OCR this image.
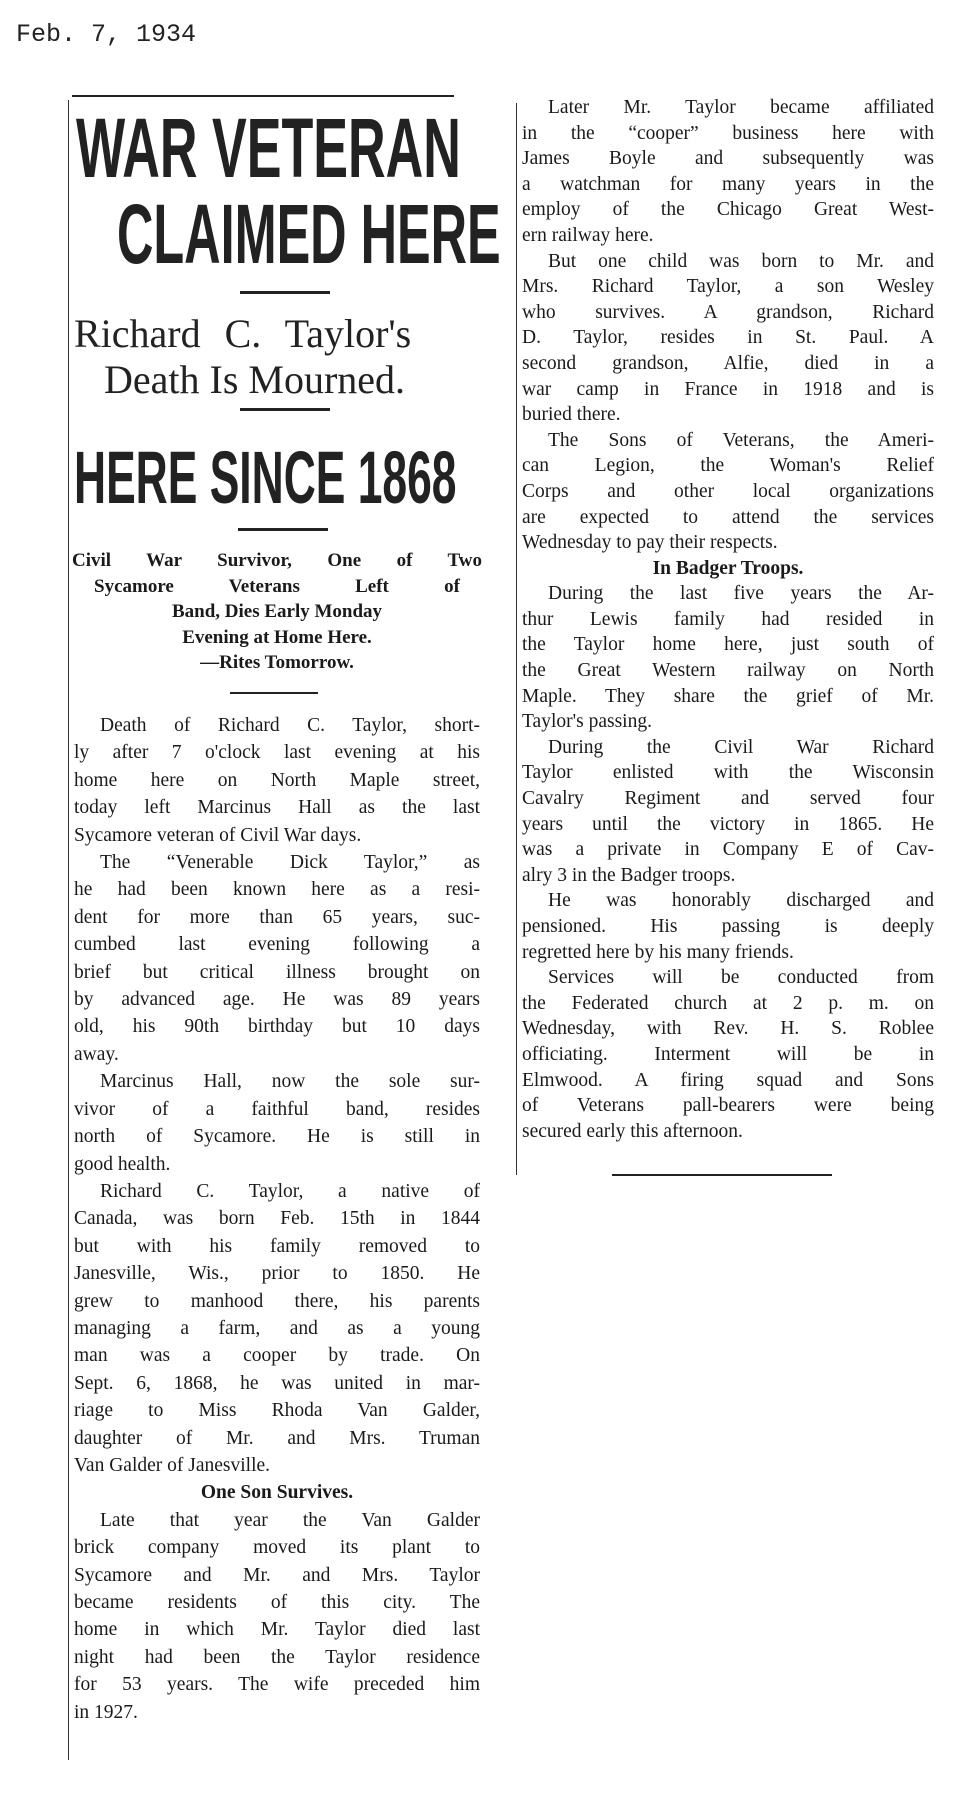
Feb. 7, 1934
WAR VETERAN
CLAIMED HERE
Richard C. Taylor's
Death Is Mourned.
HERE SINCE 1868
Civil War Survivor, One of Two
Sycamore Veterans Left of
Band, Dies Early Monday
Evening at Home Here.
—Rites Tomorrow.
Death of Richard C. Taylor, short-
ly after 7 o'clock last evening at his
home here on North Maple street,
today left Marcinus Hall as the last
Sycamore veteran of Civil War days.
The “Venerable Dick Taylor,” as
he had been known here as a resi-
dent for more than 65 years, suc-
cumbed last evening following a
brief but critical illness brought on
by advanced age. He was 89 years
old, his 90th birthday but 10 days
away.
Marcinus Hall, now the sole sur-
vivor of a faithful band, resides
north of Sycamore. He is still in
good health.
Richard C. Taylor, a native of
Canada, was born Feb. 15th in 1844
but with his family removed to
Janesville, Wis., prior to 1850. He
grew to manhood there, his parents
managing a farm, and as a young
man was a cooper by trade. On
Sept. 6, 1868, he was united in mar-
riage to Miss Rhoda Van Galder,
daughter of Mr. and Mrs. Truman
Van Galder of Janesville.
One Son Survives.
Late that year the Van Galder
brick company moved its plant to
Sycamore and Mr. and Mrs. Taylor
became residents of this city. The
home in which Mr. Taylor died last
night had been the Taylor residence
for 53 years. The wife preceded him
in 1927.
Later Mr. Taylor became affiliated
in the “cooper” business here with
James Boyle and subsequently was
a watchman for many years in the
employ of the Chicago Great West-
ern railway here.
But one child was born to Mr. and
Mrs. Richard Taylor, a son Wesley
who survives. A grandson, Richard
D. Taylor, resides in St. Paul. A
second grandson, Alfie, died in a
war camp in France in 1918 and is
buried there.
The Sons of Veterans, the Ameri-
can Legion, the Woman's Relief
Corps and other local organizations
are expected to attend the services
Wednesday to pay their respects.
In Badger Troops.
During the last five years the Ar-
thur Lewis family had resided in
the Taylor home here, just south of
the Great Western railway on North
Maple. They share the grief of Mr.
Taylor's passing.
During the Civil War Richard
Taylor enlisted with the Wisconsin
Cavalry Regiment and served four
years until the victory in 1865. He
was a private in Company E of Cav-
alry 3 in the Badger troops.
He was honorably discharged and
pensioned. His passing is deeply
regretted here by his many friends.
Services will be conducted from
the Federated church at 2 p. m. on
Wednesday, with Rev. H. S. Roblee
officiating. Interment will be in
Elmwood. A firing squad and Sons
of Veterans pall-bearers were being
secured early this afternoon.
